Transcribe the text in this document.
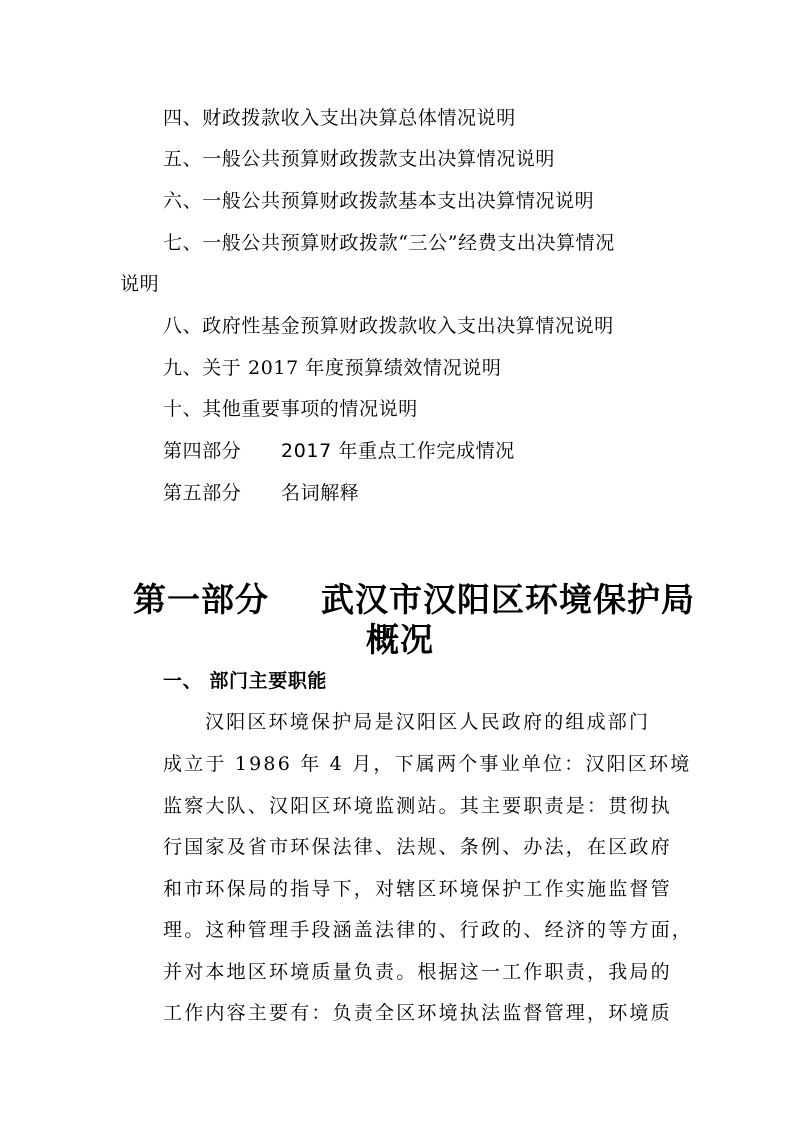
四、财政拨款收入支出决算总体情况说明
五、一般公共预算财政拨款支出决算情况说明
六、一般公共预算财政拨款基本支出决算情况说明
七、一般公共预算财政拨款“三公”经费支出决算情况
说明
八、政府性基金预算财政拨款收入支出决算情况说明
九、关于 2017 年度预算绩效情况说明
十、其他重要事项的情况说明
第四部分 2017 年重点工作完成情况
第五部分 名词解释
第一部分 武汉市汉阳区环境保护局
概况
一、 部门主要职能
汉阳区环境保护局是汉阳区人民政府的组成部门
成立于 1986 年 4 月，下属两个事业单位：汉阳区环境
监察大队、汉阳区环境监测站。其主要职责是：贯彻执
行国家及省市环保法律、法规、条例、办法，在区政府
和市环保局的指导下，对辖区环境保护工作实施监督管
理。这种管理手段涵盖法律的、行政的、经济的等方面，
并对本地区环境质量负责。根据这一工作职责，我局的
工作内容主要有：负责全区环境执法监督管理，环境质
